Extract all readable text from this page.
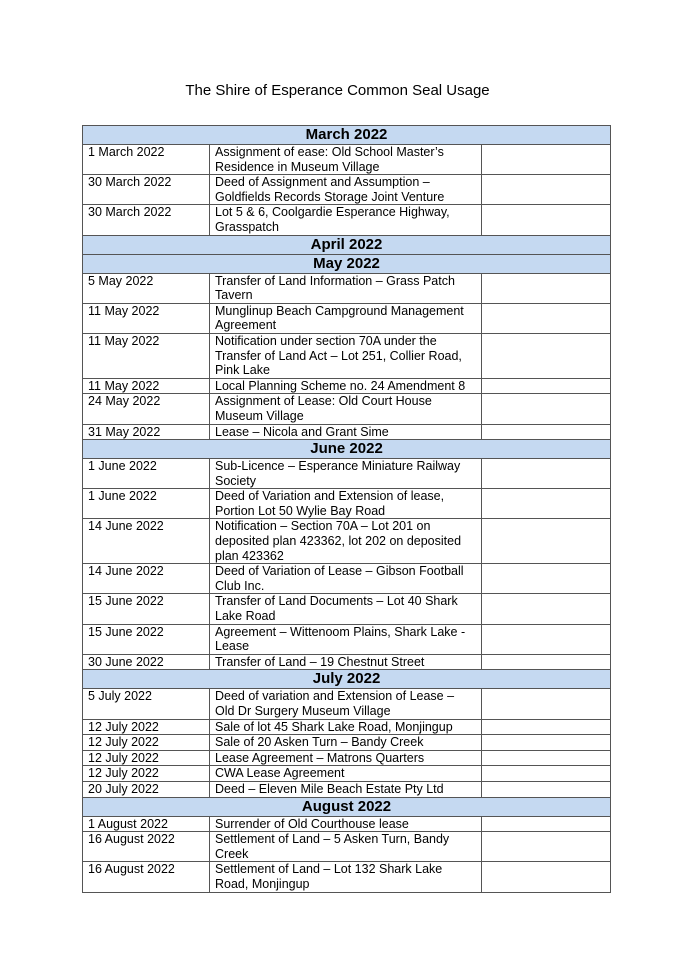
The Shire of Esperance Common Seal Usage
March 2022		
1 March 2022	Assignment of ease: Old School Master’s Residence in Museum Village	
30 March 2022	Deed of Assignment and Assumption – Goldfields Records Storage Joint Venture	
30 March 2022	Lot 5 & 6, Coolgardie Esperance Highway, Grasspatch	
April 2022		
May 2022		
5 May 2022	Transfer of Land Information – Grass Patch Tavern	
11 May 2022	Munglinup Beach Campground Management Agreement	
11 May 2022	Notification under section 70A under the Transfer of Land Act – Lot 251, Collier Road, Pink Lake	
11 May 2022	Local Planning Scheme no. 24 Amendment 8	
24 May 2022	Assignment of Lease: Old Court House Museum Village	
31 May 2022	Lease – Nicola and Grant Sime	
June 2022		
1 June 2022	Sub-Licence – Esperance Miniature Railway Society	
1 June 2022	Deed of Variation and Extension of lease, Portion Lot 50 Wylie Bay Road	
14 June 2022	Notification – Section 70A – Lot 201 on deposited plan 423362, lot 202 on deposited plan 423362	
14 June 2022	Deed of Variation of Lease – Gibson Football Club Inc.	
15 June 2022	Transfer of Land Documents – Lot 40 Shark Lake Road	
15 June 2022	Agreement – Wittenoom Plains, Shark Lake - Lease	
30 June 2022	Transfer of Land – 19 Chestnut Street	
July 2022		
5 July 2022	Deed of variation and Extension of Lease – Old Dr Surgery Museum Village	
12 July 2022	Sale of lot 45 Shark Lake Road, Monjingup	
12 July 2022	Sale of 20 Asken Turn – Bandy Creek	
12 July 2022	Lease Agreement – Matrons Quarters	
12 July 2022	CWA Lease Agreement	
20 July 2022	Deed – Eleven Mile Beach Estate Pty Ltd	
August 2022		
1 August 2022	Surrender of Old Courthouse lease	
16 August 2022	Settlement of Land – 5 Asken Turn, Bandy Creek	
16 August 2022	Settlement of Land – Lot 132 Shark Lake Road, Monjingup	
